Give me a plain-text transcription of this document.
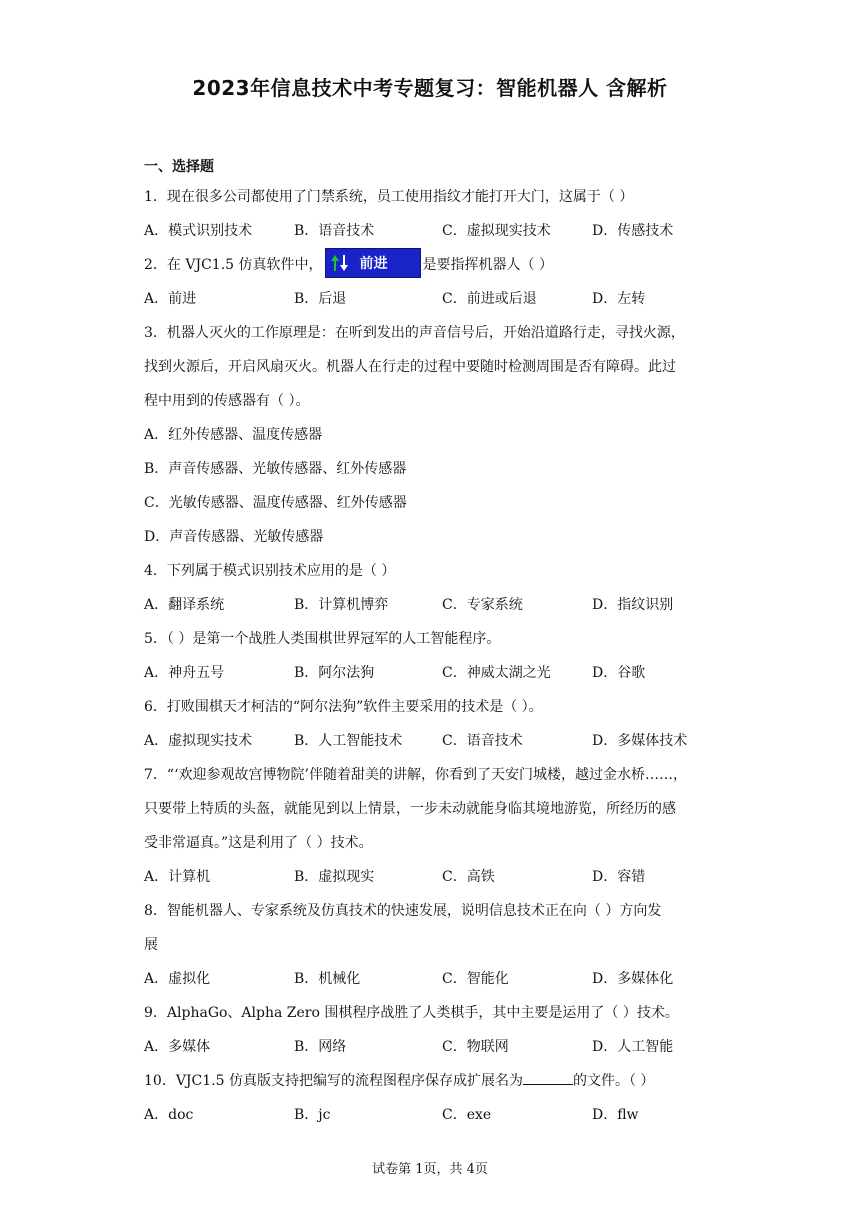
2023年信息技术中考专题复习：智能机器人 含解析
一、选择题
1．现在很多公司都使用了门禁系统，员工使用指纹才能打开大门，这属于（ ）
A．模式识别技术	B．语音技术	C．虚拟现实技术	D．传感技术
2．在 VJC1.5 仿真软件中，	前进	是要指挥机器人（ ）
A．前进	B．后退	C．前进或后退	D．左转
3．机器人灭火的工作原理是：在听到发出的声音信号后，开始沿道路行走，寻找火源，
找到火源后，开启风扇灭火。机器人在行走的过程中要随时检测周围是否有障碍。此过
程中用到的传感器有（ ）。
A．红外传感器、温度传感器
B．声音传感器、光敏传感器、红外传感器
C．光敏传感器、温度传感器、红外传感器
D．声音传感器、光敏传感器
4．下列属于模式识别技术应用的是（ ）
A．翻译系统	B．计算机博弈	C．专家系统	D．指纹识别
5．（ ）是第一个战胜人类围棋世界冠军的人工智能程序。
A．神舟五号	B．阿尔法狗	C．神威太湖之光	D．谷歌
6．打败围棋天才柯洁的“阿尔法狗”软件主要采用的技术是（ ）。
A．虚拟现实技术	B．人工智能技术	C．语音技术	D．多媒体技术
7．“‘欢迎参观故宫博物院’伴随着甜美的讲解，你看到了天安门城楼，越过金水桥……，
只要带上特质的头盔，就能见到以上情景，一步未动就能身临其境地游览，所经历的感
受非常逼真。”这是利用了（ ）技术。
A．计算机	B．虚拟现实	C．高铁	D．容错
8．智能机器人、专家系统及仿真技术的快速发展，说明信息技术正在向（ ）方向发
展
A．虚拟化	B．机械化	C．智能化	D．多媒体化
9．AlphaGo、Alpha Zero 围棋程序战胜了人类棋手，其中主要是运用了（ ）技术。
A．多媒体	B．网络	C．物联网	D．人工智能
10．VJC1.5 仿真版支持把编写的流程图程序保存成扩展名为	的文件。（ ）
A．doc	B．jc	C．exe	D．flw
试卷第 1页，共 4页
